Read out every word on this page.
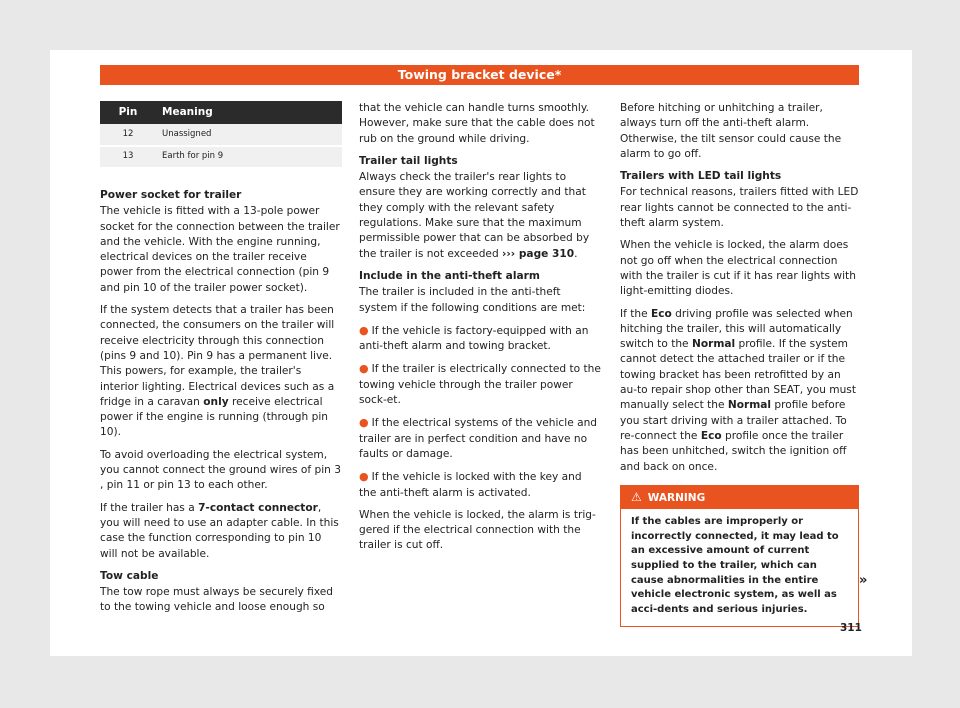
Towing bracket device*
Pin	Meaning
12	Unassigned
13	Earth for pin 9
Power socket for trailer

The vehicle is fitted with a 13-pole power socket for the connection between the trailer and the vehicle. With the engine running, electrical devices on the trailer receive power from the electrical connection (pin 9 and pin 10 of the trailer power socket).

If the system detects that a trailer has been connected, the consumers on the trailer will receive electricity through this connection (pins 9 and 10). Pin 9 has a permanent live. This powers, for example, the trailer's interior lighting. Electrical devices such as a fridge in a caravan only receive electrical power if the engine is running (through pin 10).

To avoid overloading the electrical system, you cannot connect the ground wires of pin 3 , pin 11 or pin 13 to each other.

If the trailer has a 7-contact connector, you will need to use an adapter cable. In this case the function corresponding to pin 10 will not be available.

Tow cable

The tow rope must always be securely fixed to the towing vehicle and loose enough so

that the vehicle can handle turns smoothly. However, make sure that the cable does not rub on the ground while driving.

Trailer tail lights

Always check the trailer's rear lights to ensure they are working correctly and that they comply with the relevant safety regulations. Make sure that the maximum permissible power that can be absorbed by the trailer is not exceeded ››› page 310.

Include in the anti-theft alarm

The trailer is included in the anti-theft system if the following conditions are met:

● If the vehicle is factory-equipped with an anti-theft alarm and towing bracket.
● If the trailer is electrically connected to the towing vehicle through the trailer power sock-et.
● If the electrical systems of the vehicle and trailer are in perfect condition and have no faults or damage.
● If the vehicle is locked with the key and the anti-theft alarm is activated.

When the vehicle is locked, the alarm is trig-gered if the electrical connection with the trailer is cut off.

Before hitching or unhitching a trailer, always turn off the anti-theft alarm. Otherwise, the tilt sensor could cause the alarm to go off.

Trailers with LED tail lights

For technical reasons, trailers fitted with LED rear lights cannot be connected to the anti-theft alarm system.

When the vehicle is locked, the alarm does not go off when the electrical connection with the trailer is cut if it has rear lights with light-emitting diodes.

If the Eco driving profile was selected when hitching the trailer, this will automatically switch to the Normal profile. If the system cannot detect the attached trailer or if the towing bracket has been retrofitted by an au-to repair shop other than SEAT, you must manually select the Normal profile before you start driving with a trailer attached. To re-connect the Eco profile once the trailer has been unhitched, switch the ignition off and back on once.

⚠ WARNING
If the cables are improperly or incorrectly connected, it may lead to an excessive amount of current supplied to the trailer, which can cause abnormalities in the entire vehicle electronic system, as well as acci-dents and serious injuries.
»
311
